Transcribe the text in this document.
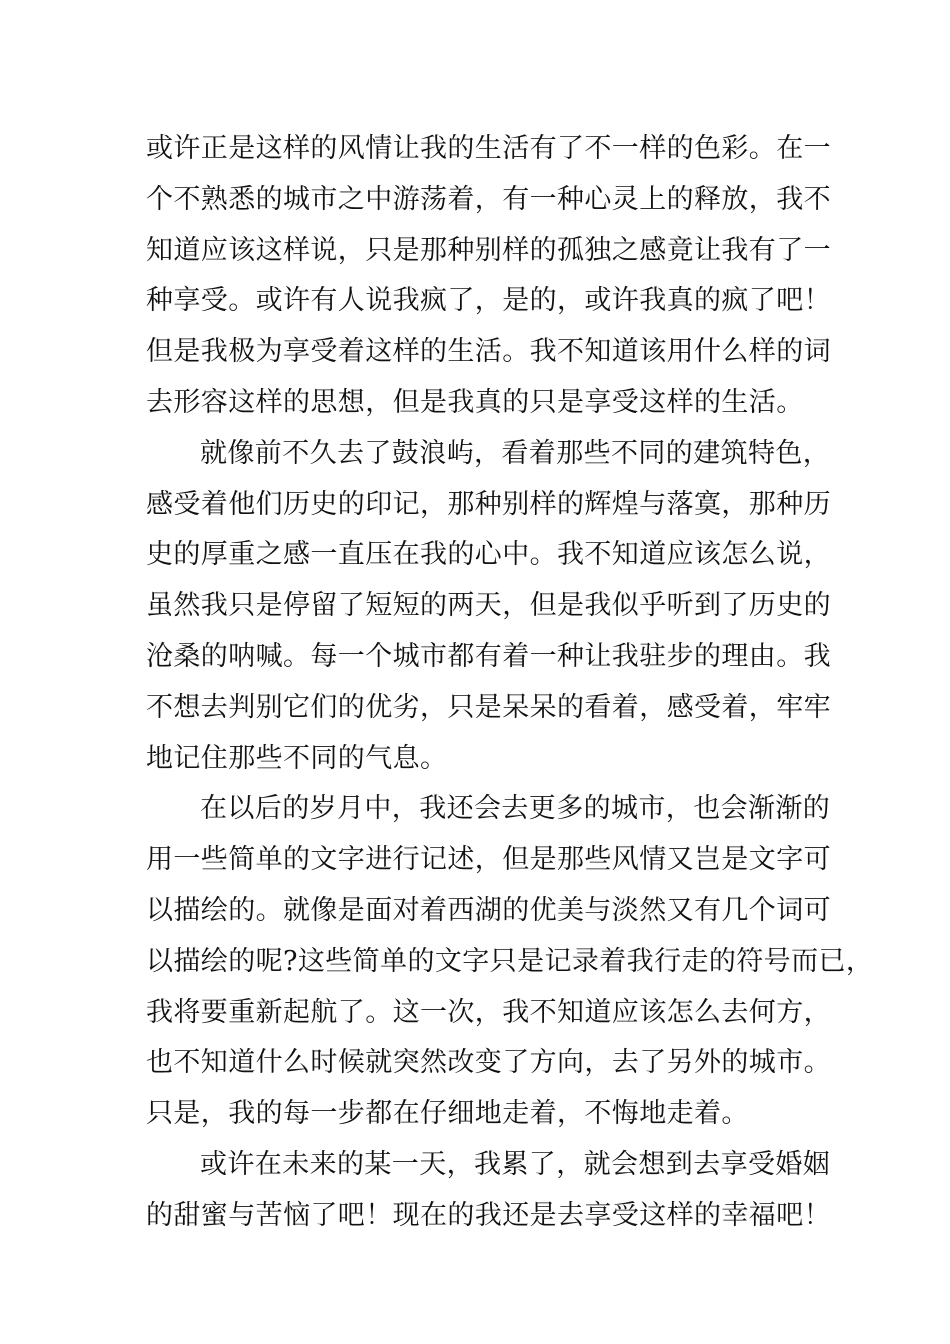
或许正是这样的风情让我的生活有了不一样的色彩。在一
个不熟悉的城市之中游荡着，有一种心灵上的释放，我不
知道应该这样说，只是那种别样的孤独之感竟让我有了一
种享受。或许有人说我疯了，是的，或许我真的疯了吧！
但是我极为享受着这样的生活。我不知道该用什么样的词
去形容这样的思想，但是我真的只是享受这样的生活。
就像前不久去了鼓浪屿，看着那些不同的建筑特色，
感受着他们历史的印记，那种别样的辉煌与落寞，那种历
史的厚重之感一直压在我的心中。我不知道应该怎么说，
虽然我只是停留了短短的两天，但是我似乎听到了历史的
沧桑的呐喊。每一个城市都有着一种让我驻步的理由。我
不想去判别它们的优劣，只是呆呆的看着，感受着，牢牢
地记住那些不同的气息。
在以后的岁月中，我还会去更多的城市，也会渐渐的
用一些简单的文字进行记述，但是那些风情又岂是文字可
以描绘的。就像是面对着西湖的优美与淡然又有几个词可
以描绘的呢?这些简单的文字只是记录着我行走的符号而已，
我将要重新起航了。这一次，我不知道应该怎么去何方，
也不知道什么时候就突然改变了方向，去了另外的城市。
只是，我的每一步都在仔细地走着，不悔地走着。
或许在未来的某一天，我累了，就会想到去享受婚姻
的甜蜜与苦恼了吧！现在的我还是去享受这样的幸福吧！
